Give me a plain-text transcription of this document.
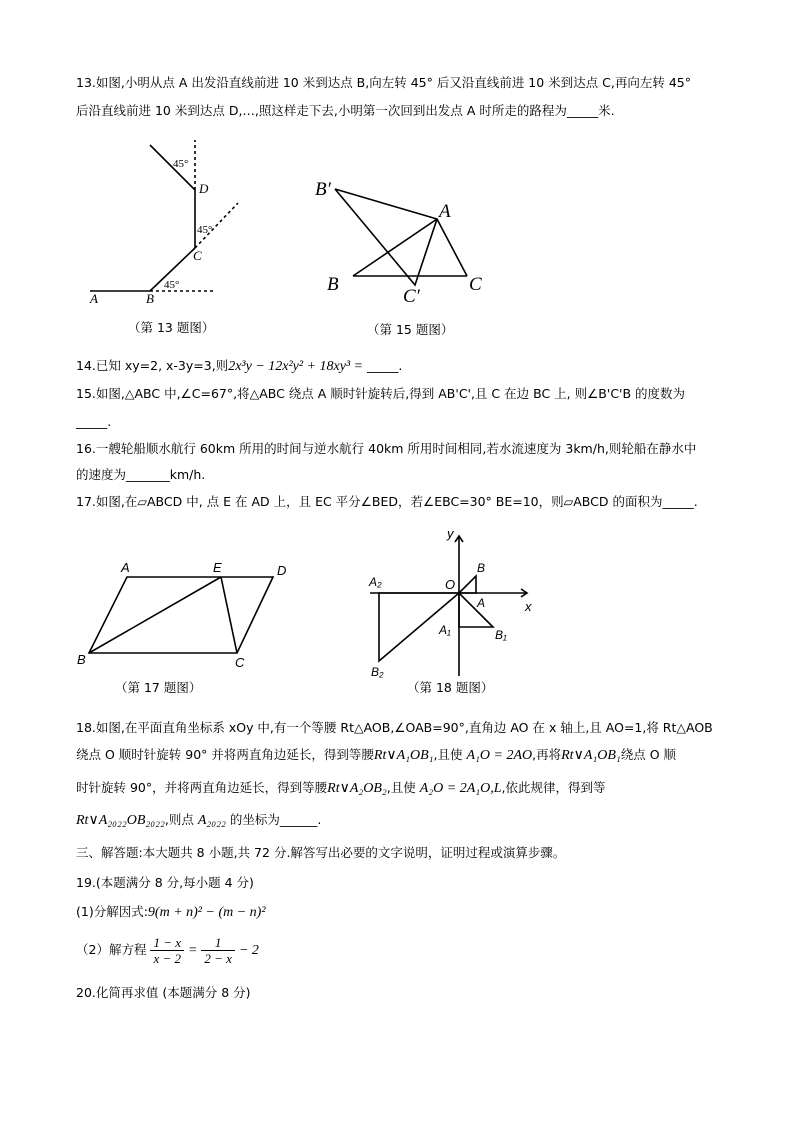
13.如图,小明从点 A 出发沿直线前进 10 米到达点 B,向左转 45° 后又沿直线前进 10 米到达点 C,再向左转 45°
后沿直线前进 10 米到达点 D,…,照这样走下去,小明第一次回到出发点 A 时所走的路程为_____米.
A	B
C
D
45°
45°
45°
（第 13 题图）
B′
A
B
C′
C
（第 15 题图）
14.已知 xy=2, x-3y=3,则2x³y − 12x²y² + 18xy³ = _____.
15.如图,△ABC 中,∠C=67°,将△ABC 绕点 A 顺时针旋转后,得到 AB'C',且 C 在边 BC 上, 则∠B'C'B 的度数为
_____.
16.一艘轮船顺水航行 60km 所用的时间与逆水航行 40km 所用时间相同,若水流速度为 3km/h,则轮船在静水中
的速度为_______km/h.
17.如图,在▱ABCD 中, 点 E 在 AD 上，且 EC 平分∠BED，若∠EBC=30° BE=10，则▱ABCD 的面积为_____.
A	E	D
B	C
（第 17 题图）
y
x
O
B
A
A₁	B₁
A₂
B₂
（第 18 题图）
18.如图,在平面直角坐标系 xOy 中,有一个等腰 Rt△AOB,∠OAB=90°,直角边 AO 在 x 轴上,且 AO=1,将 Rt△AOB
绕点 O 顺时针旋转 90° 并将两直角边延长，得到等腰Rt∨A₁OB₁,且使 A₁O = 2AO,再将Rt∨A₁OB₁绕点 O 顺
时针旋转 90°，并将两直角边延长，得到等腰Rt∨A₂OB₂,且使 A₂O = 2A₁O,L,依此规律，得到等
Rt∨A₂₀₂₂OB₂₀₂₂,则点 A₂₀₂₂ 的坐标为______.
三、解答题:本大题共 8 小题,共 72 分.解答写出必要的文字说明，证明过程或演算步骤。
19.(本题满分 8 分,每小题 4 分)
(1)分解因式:9(m + n)² − (m − n)²
（2）解方程 $\frac{1 - x}{x - 2} = \frac{1}{2 - x} - 2$
20.化简再求值 (本题满分 8 分)
